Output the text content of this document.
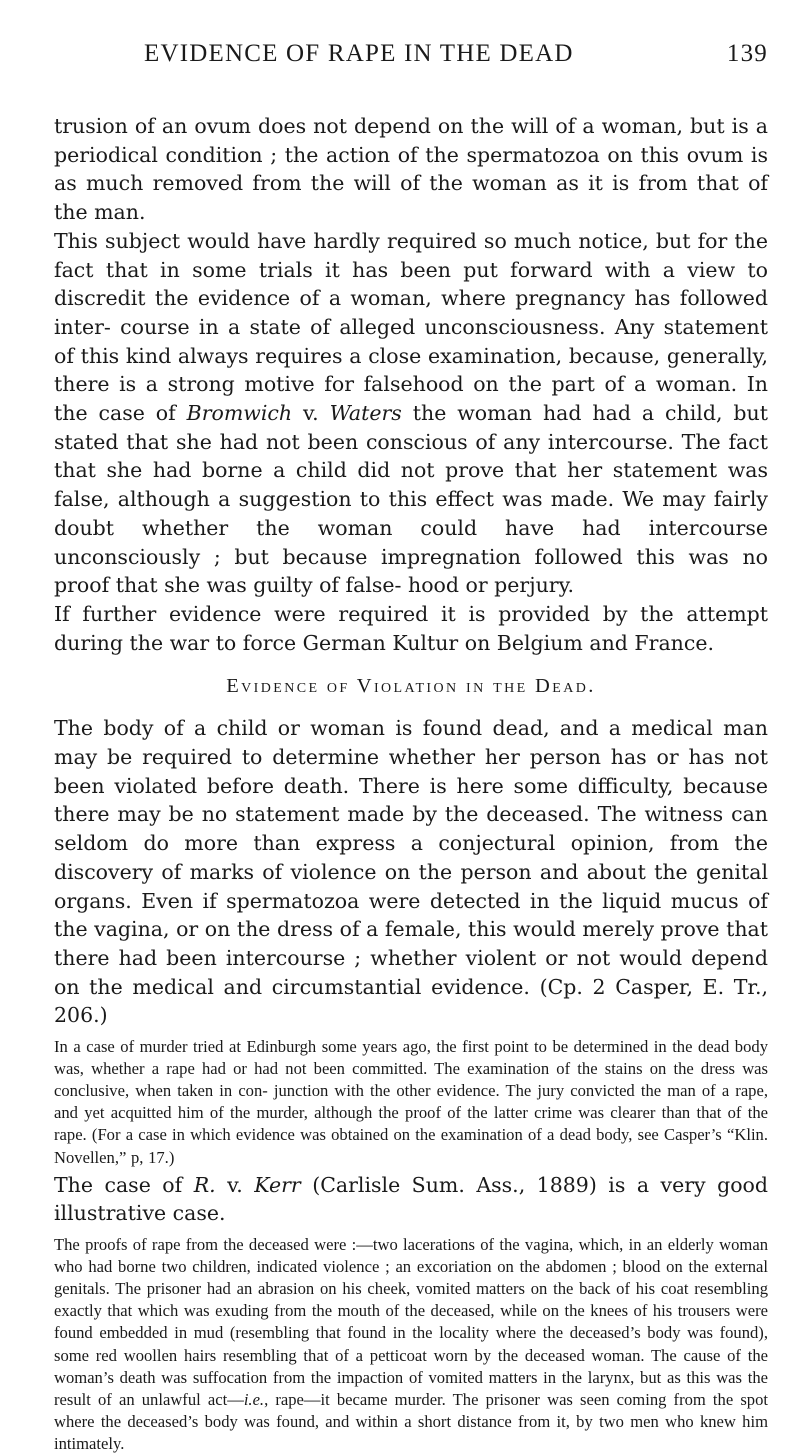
EVIDENCE OF RAPE IN THE DEAD	139

trusion of an ovum does not depend on the will of a woman, but is a periodical condition ; the action of the spermatozoa on this ovum is as much removed from the will of the woman as it is from that of the man.

This subject would have hardly required so much notice, but for the fact that in some trials it has been put forward with a view to discredit the evidence of a woman, where pregnancy has followed inter- course in a state of alleged unconsciousness. Any statement of this kind always requires a close examination, because, generally, there is a strong motive for falsehood on the part of a woman. In the case of Bromwich v. Waters the woman had had a child, but stated that she had not been conscious of any intercourse. The fact that she had borne a child did not prove that her statement was false, although a suggestion to this effect was made. We may fairly doubt whether the woman could have had intercourse unconsciously ; but because impregnation followed this was no proof that she was guilty of false- hood or perjury.

If further evidence were required it is provided by the attempt during the war to force German Kultur on Belgium and France.

Evidence of Violation in the Dead.

The body of a child or woman is found dead, and a medical man may be required to determine whether her person has or has not been violated before death. There is here some difficulty, because there may be no statement made by the deceased. The witness can seldom do more than express a conjectural opinion, from the discovery of marks of violence on the person and about the genital organs. Even if spermatozoa were detected in the liquid mucus of the vagina, or on the dress of a female, this would merely prove that there had been intercourse ; whether violent or not would depend on the medical and circumstantial evidence. (Cp. 2 Casper, E. Tr., 206.)

In a case of murder tried at Edinburgh some years ago, the first point to be determined in the dead body was, whether a rape had or had not been committed. The examination of the stains on the dress was conclusive, when taken in con- junction with the other evidence. The jury convicted the man of a rape, and yet acquitted him of the murder, although the proof of the latter crime was clearer than that of the rape. (For a case in which evidence was obtained on the examination of a dead body, see Casper’s “Klin. Novellen,” p, 17.)

The case of R. v. Kerr (Carlisle Sum. Ass., 1889) is a very good illustrative case.

The proofs of rape from the deceased were :—two lacerations of the vagina, which, in an elderly woman who had borne two children, indicated violence ; an excoriation on the abdomen ; blood on the external genitals. The prisoner had an abrasion on his cheek, vomited matters on the back of his coat resembling exactly that which was exuding from the mouth of the deceased, while on the knees of his trousers were found embedded in mud (resembling that found in the locality where the deceased’s body was found), some red woollen hairs resembling that of a petticoat worn by the deceased woman. The cause of the woman’s death was suffocation from the impaction of vomited matters in the larynx, but as this was the result of an unlawful act—i.e., rape—it became murder. The prisoner was seen coming from the spot where the deceased’s body was found, and within a short distance from it, by two men who knew him intimately.
